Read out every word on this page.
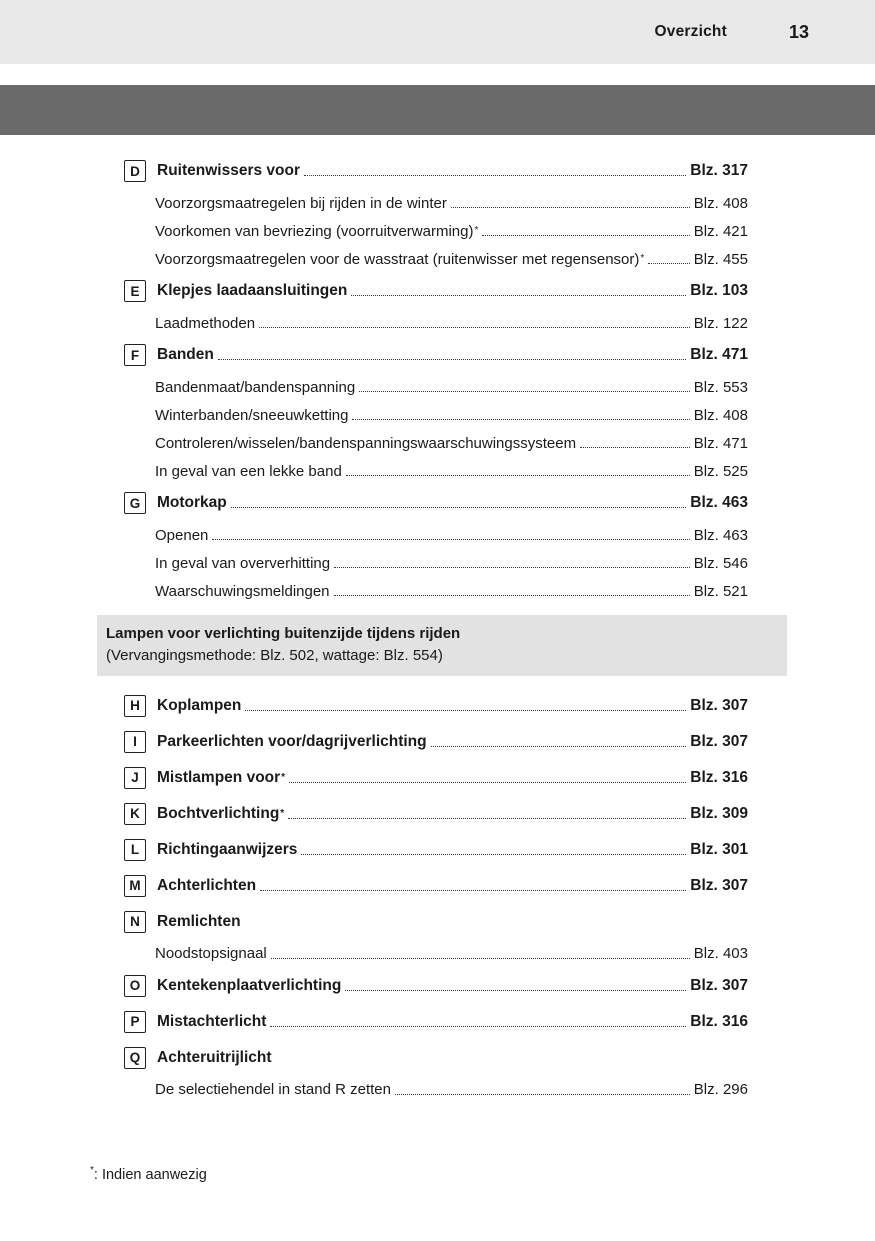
Overzicht	13
D	Ruitenwissers voor	Blz. 317
Voorzorgsmaatregelen bij rijden in de winter	Blz. 408
Voorkomen van bevriezing (voorruitverwarming) *	Blz. 421
Voorzorgsmaatregelen voor de wasstraat (ruitenwisser met regensensor) *	Blz. 455
E	Klepjes laadaansluitingen	Blz. 103
Laadmethoden	Blz. 122
F	Banden	Blz. 471
Bandenmaat/bandenspanning	Blz. 553
Winterbanden/sneeuwketting	Blz. 408
Controleren/wisselen/bandenspanningswaarschuwingssysteem	Blz. 471
In geval van een lekke band	Blz. 525
G	Motorkap	Blz. 463
Openen	Blz. 463
In geval van oververhitting	Blz. 546
Waarschuwingsmeldingen	Blz. 521
Lampen voor verlichting buitenzijde tijdens rijden
(Vervangingsmethode: Blz. 502, wattage: Blz. 554)
H	Koplampen	Blz. 307
I	Parkeerlichten voor/dagrijverlichting	Blz. 307
J	Mistlampen voor *	Blz. 316
K	Bochtverlichting *	Blz. 309
L	Richtingaanwijzers	Blz. 301
M	Achterlichten	Blz. 307
N	Remlichten
Noodstopsignaal	Blz. 403
O	Kentekenplaatverlichting	Blz. 307
P	Mistachterlicht	Blz. 316
Q	Achteruitrijlicht
De selectiehendel in stand R zetten	Blz. 296
*: Indien aanwezig
